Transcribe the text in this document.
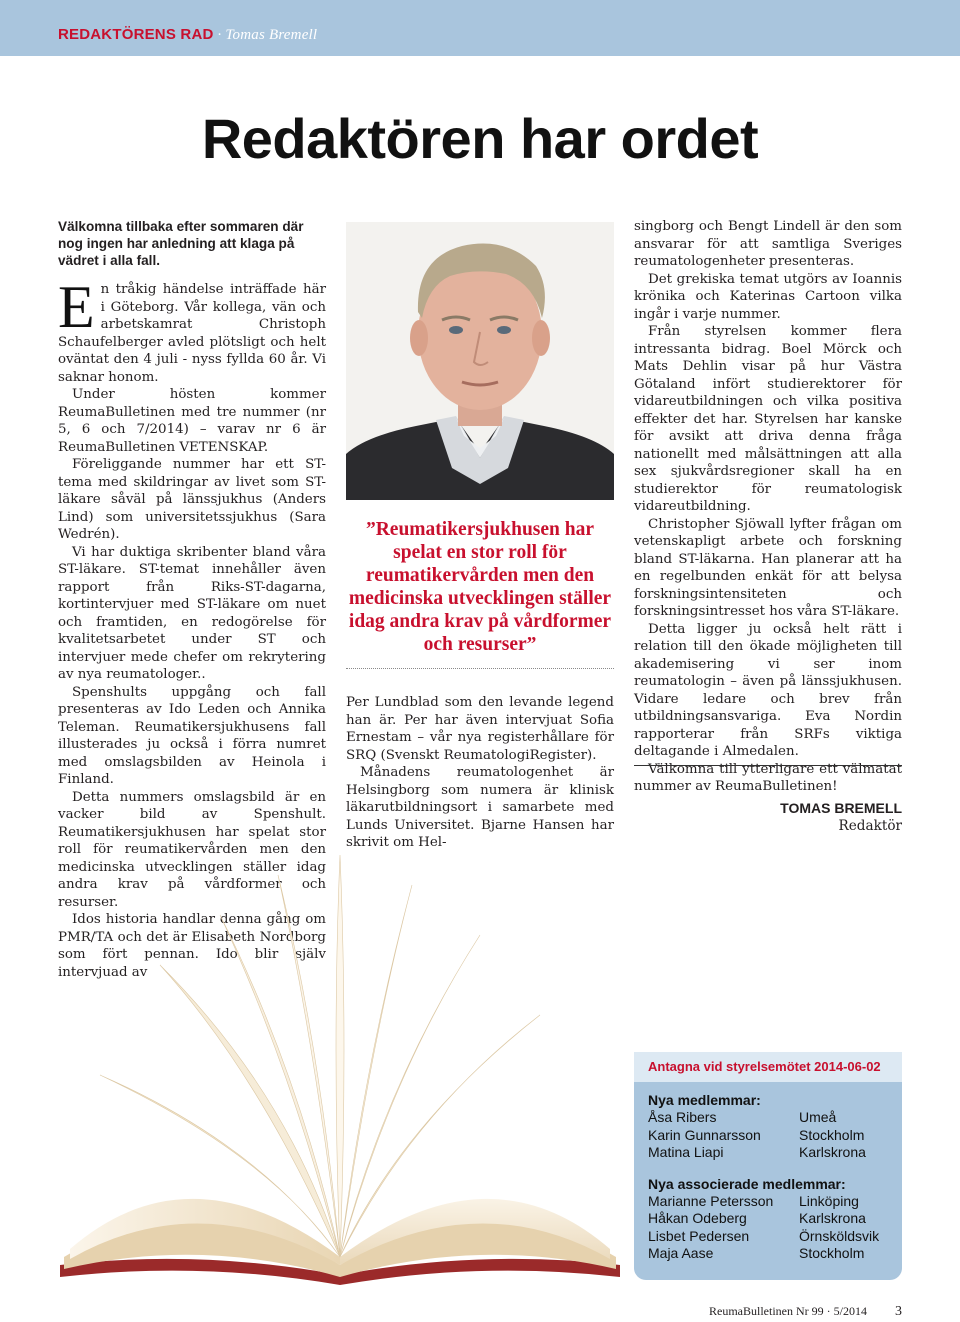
REDAKTÖRENS RAD · Tomas Bremell
Redaktören har ordet
Välkomna tillbaka efter sommaren där nog ingen har anledning att klaga på vädret i alla fall.

En tråkig händelse inträffade här i Göteborg. Vår kollega, vän och arbetskamrat Christoph Schaufelberger avled plötsligt och helt oväntat den 4 juli - nyss fyllda 60 år. Vi saknar honom.

Under hösten kommer ReumaBulletinen med tre nummer (nr 5, 6 och 7/2014) – varav nr 6 är ReumaBulletinen VETENSKAP.

Föreliggande nummer har ett ST-tema med skildringar av livet som ST-läkare såväl på länssjukhus (Anders Lind) som universitetssjukhus (Sara Wedrén).

Vi har duktiga skribenter bland våra ST-läkare. ST-temat innehåller även rapport från Riks-ST-dagarna, kortintervjuer med ST-läkare om nuet och framtiden, en redogörelse för kvalitetsarbetet under ST och intervjuer mede chefer om rekrytering av nya reumatologer..

Spenshults uppgång och fall presenteras av Ido Leden och Annika Teleman. Reumatikersjukhusens fall illusterades ju också i förra numret med omslagsbilden av Heinola i Finland.

Detta nummers omslagsbild är en vacker bild av Spenshult. Reumatikersjukhusen har spelat stor roll för reumatikervården men den medicinska utvecklingen ställer idag andra krav på vårdformer och resurser.

Idos historia handlar denna gång om PMR/TA och det är Elisabeth Nordborg som fört pennan. Ido blir själv intervjuad av

”Reumatikersjukhusen har spelat en stor roll för reumatikervården men den medicinska utvecklingen ställer idag andra krav på vårdformer och resurser”

Per Lundblad som den levande legend han är. Per har även intervjuat Sofia Ernestam – vår nya registerhållare för SRQ (Svenskt ReumatologiRegister).

Månadens reumatologenhet är Helsingborg som numera är klinisk läkarutbildningsort i samarbete med Lunds Universitet. Bjarne Hansen har skrivit om Hel-

singborg och Bengt Lindell är den som ansvarar för att samtliga Sveriges reumatologenheter presenteras.

Det grekiska temat utgörs av Ioannis krönika och Katerinas Cartoon vilka ingår i varje nummer.

Från styrelsen kommer flera intressanta bidrag. Boel Mörck och Mats Dehlin visar på hur Västra Götaland infört studierektorer för vidareutbildningen och vilka positiva effekter det har. Styrelsen har kanske för avsikt att driva denna fråga nationellt med målsättningen att alla sex sjukvårdsregioner skall ha en studierektor för reumatologisk vidareutbildning.

Christopher Sjöwall lyfter frågan om vetenskapligt arbete och forskning bland ST-läkarna. Han planerar att ha en regelbunden enkät för att belysa forskningsintensiteten och forskningsintresset hos våra ST-läkare.

Detta ligger ju också helt rätt i relation till den ökade möjligheten till akademisering vi ser inom reumatologin – även på länssjukhusen. Vidare ledare och brev från utbildningsansvariga. Eva Nordin rapporterar från SRFs viktiga deltagande i Almedalen.

Välkomna till ytterligare ett välmatat nummer av ReumaBulletinen!

TOMAS BREMELL
Redaktör
Antagna vid styrelsemötet 2014-06-02
Nya medlemmar:
Åsa Ribers	Umeå
Karin Gunnarsson	Stockholm
Matina Liapi	Karlskrona
Nya associerade medlemmar:
Marianne Petersson	Linköping
Håkan Odeberg	Karlskrona
Lisbet Pedersen	Örnsköldsvik
Maja Aase	Stockholm
ReumaBulletinen Nr 99 · 5/2014 3
